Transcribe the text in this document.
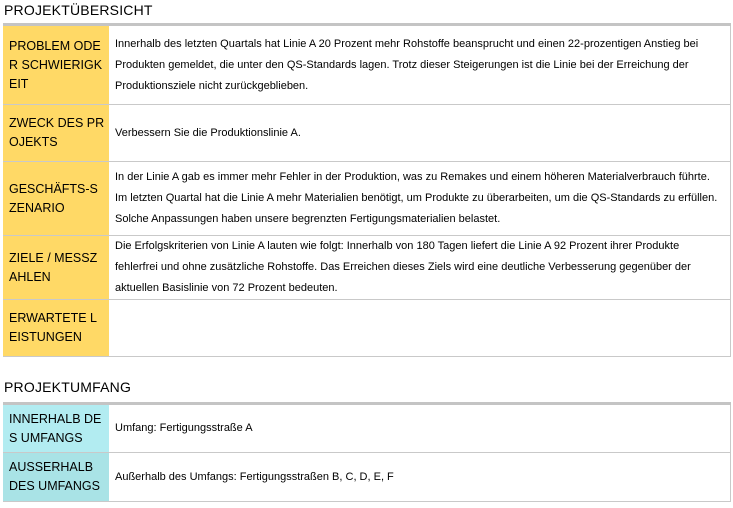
PROJEKTÜBERSICHT
PROBLEM ODER SCHWIERIGKEIT	Innerhalb des letzten Quartals hat Linie A 20 Prozent mehr Rohstoffe beansprucht und einen 22-prozentigen Anstieg bei Produkten gemeldet, die unter den QS-Standards lagen. Trotz dieser Steigerungen ist die Linie bei der Erreichung der Produktionsziele nicht zurückgeblieben.

ZWECK DES PROJEKTS	Verbessern Sie die Produktionslinie A.

GESCHÄFTS-SZENARIO	In der Linie A gab es immer mehr Fehler in der Produktion, was zu Remakes und einem höheren Materialverbrauch führte. Im letzten Quartal hat die Linie A mehr Materialien benötigt, um Produkte zu überarbeiten, um die QS-Standards zu erfüllen. Solche Anpassungen haben unsere begrenzten Fertigungsmaterialien belastet.

ZIELE / MESSZAHLEN	Die Erfolgskriterien von Linie A lauten wie folgt: Innerhalb von 180 Tagen liefert die Linie A 92 Prozent ihrer Produkte fehlerfrei und ohne zusätzliche Rohstoffe. Das Erreichen dieses Ziels wird eine deutliche Verbesserung gegenüber der aktuellen Basislinie von 72 Prozent bedeuten.

ERWARTETE LEISTUNGEN	

PROJEKTUMFANG
INNERHALB DES UMFANGS	Umfang: Fertigungsstraße A

AUSSERHALB DES UMFANGS	Außerhalb des Umfangs: Fertigungsstraßen B, C, D, E, F
